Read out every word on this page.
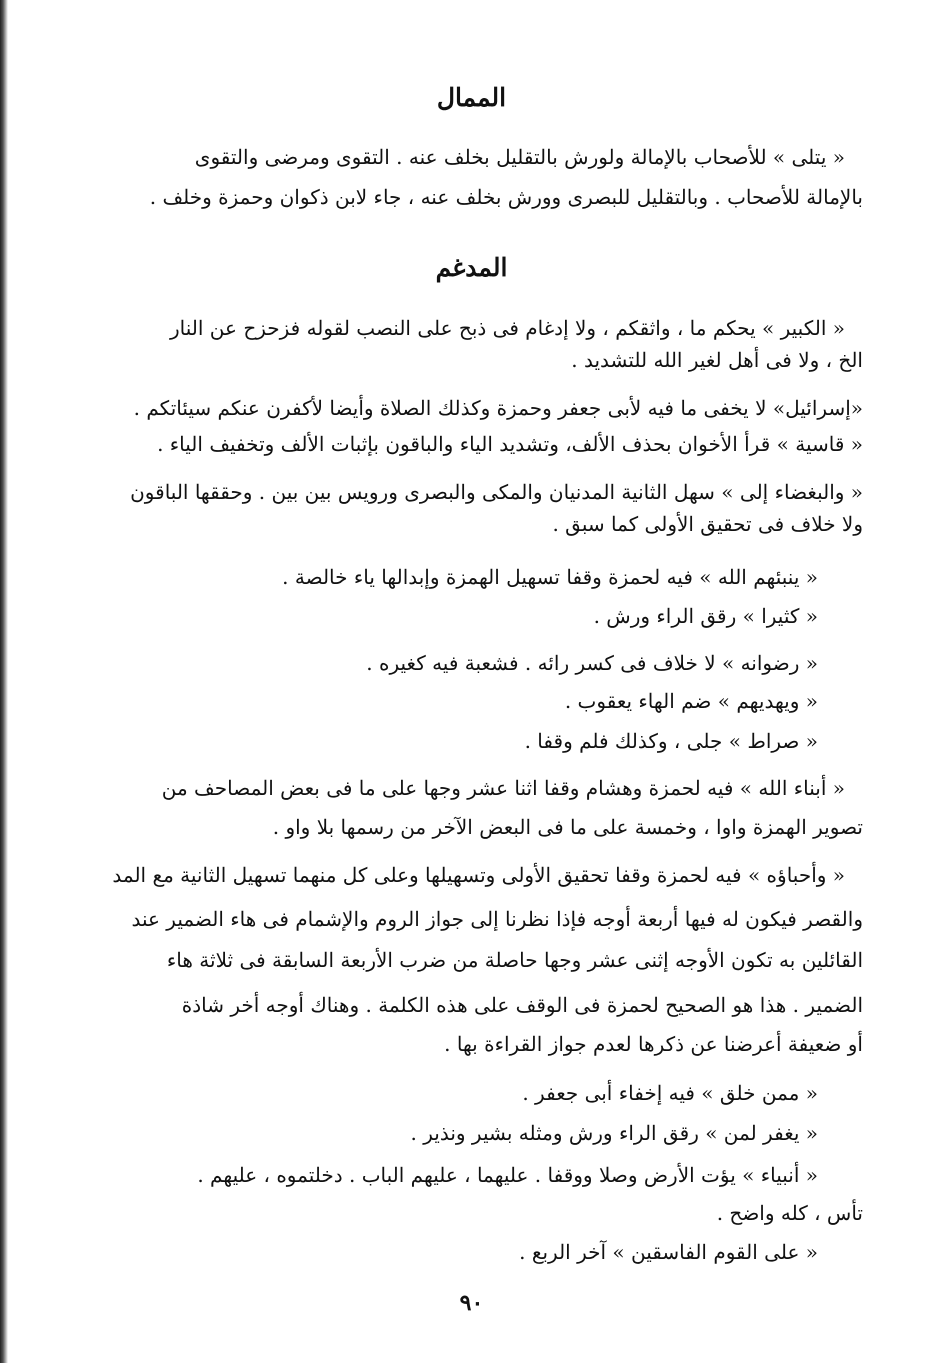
الممال
« يتلى » للأصحاب بالإمالة ولورش بالتقليل بخلف عنه . التقوى ومرضى والتقوى
بالإمالة للأصحاب . وبالتقليل للبصرى وورش بخلف عنه ، جاء لابن ذكوان وحمزة وخلف .
المدغم
« الكبير » يحكم ما ، واثقكم ، ولا إدغام فى ذبح على النصب لقوله فزحزح عن النار
الخ ، ولا فى أهل لغير الله للتشديد .
«إسرائيل» لا يخفى ما فيه لأبى جعفر وحمزة وكذلك الصلاة وأيضا لأكفرن عنكم سيئاتكم .
« قاسية » قرأ الأخوان بحذف الألف، وتشديد الياء والباقون بإثبات الألف وتخفيف الياء .
« والبغضاء إلى » سهل الثانية المدنيان والمكى والبصرى ورويس بين بين . وحققها الباقون
ولا خلاف فى تحقيق الأولى كما سبق .
« ينبئهم الله » فيه لحمزة وقفا تسهيل الهمزة وإبدالها ياء خالصة .
« كثيرا » رقق الراء ورش .
« رضوانه » لا خلاف فى كسر رائه . فشعبة فيه كغيره .
« ويهديهم » ضم الهاء يعقوب .
« صراط » جلى ، وكذلك فلم وقفا .
« أبناء الله » فيه لحمزة وهشام وقفا اثنا عشر وجها على ما فى بعض المصاحف من
تصوير الهمزة واوا ، وخمسة على ما فى البعض الآخر من رسمها بلا واو .
« وأحباؤه » فيه لحمزة وقفا تحقيق الأولى وتسهيلها وعلى كل منهما تسهيل الثانية مع المد
والقصر فيكون له فيها أربعة أوجه فإذا نظرنا إلى جواز الروم والإشمام فى هاء الضمير عند
القائلين به تكون الأوجه إثنى عشر وجها حاصلة من ضرب الأربعة السابقة فى ثلاثة هاء
الضمير . هذا هو الصحيح لحمزة فى الوقف على هذه الكلمة . وهناك أوجه أخر شاذة
أو ضعيفة أعرضنا عن ذكرها لعدم جواز القراءة بها .
« ممن خلق » فيه إخفاء أبى جعفر .
« يغفر لمن » رقق الراء ورش ومثله بشير ونذير .
« أنبياء » يؤت الأرض وصلا ووقفا . عليهما ، عليهم الباب . دخلتموه ، عليهم .
تأس ، كله واضح .
« على القوم الفاسقين » آخر الربع .
٩٠
